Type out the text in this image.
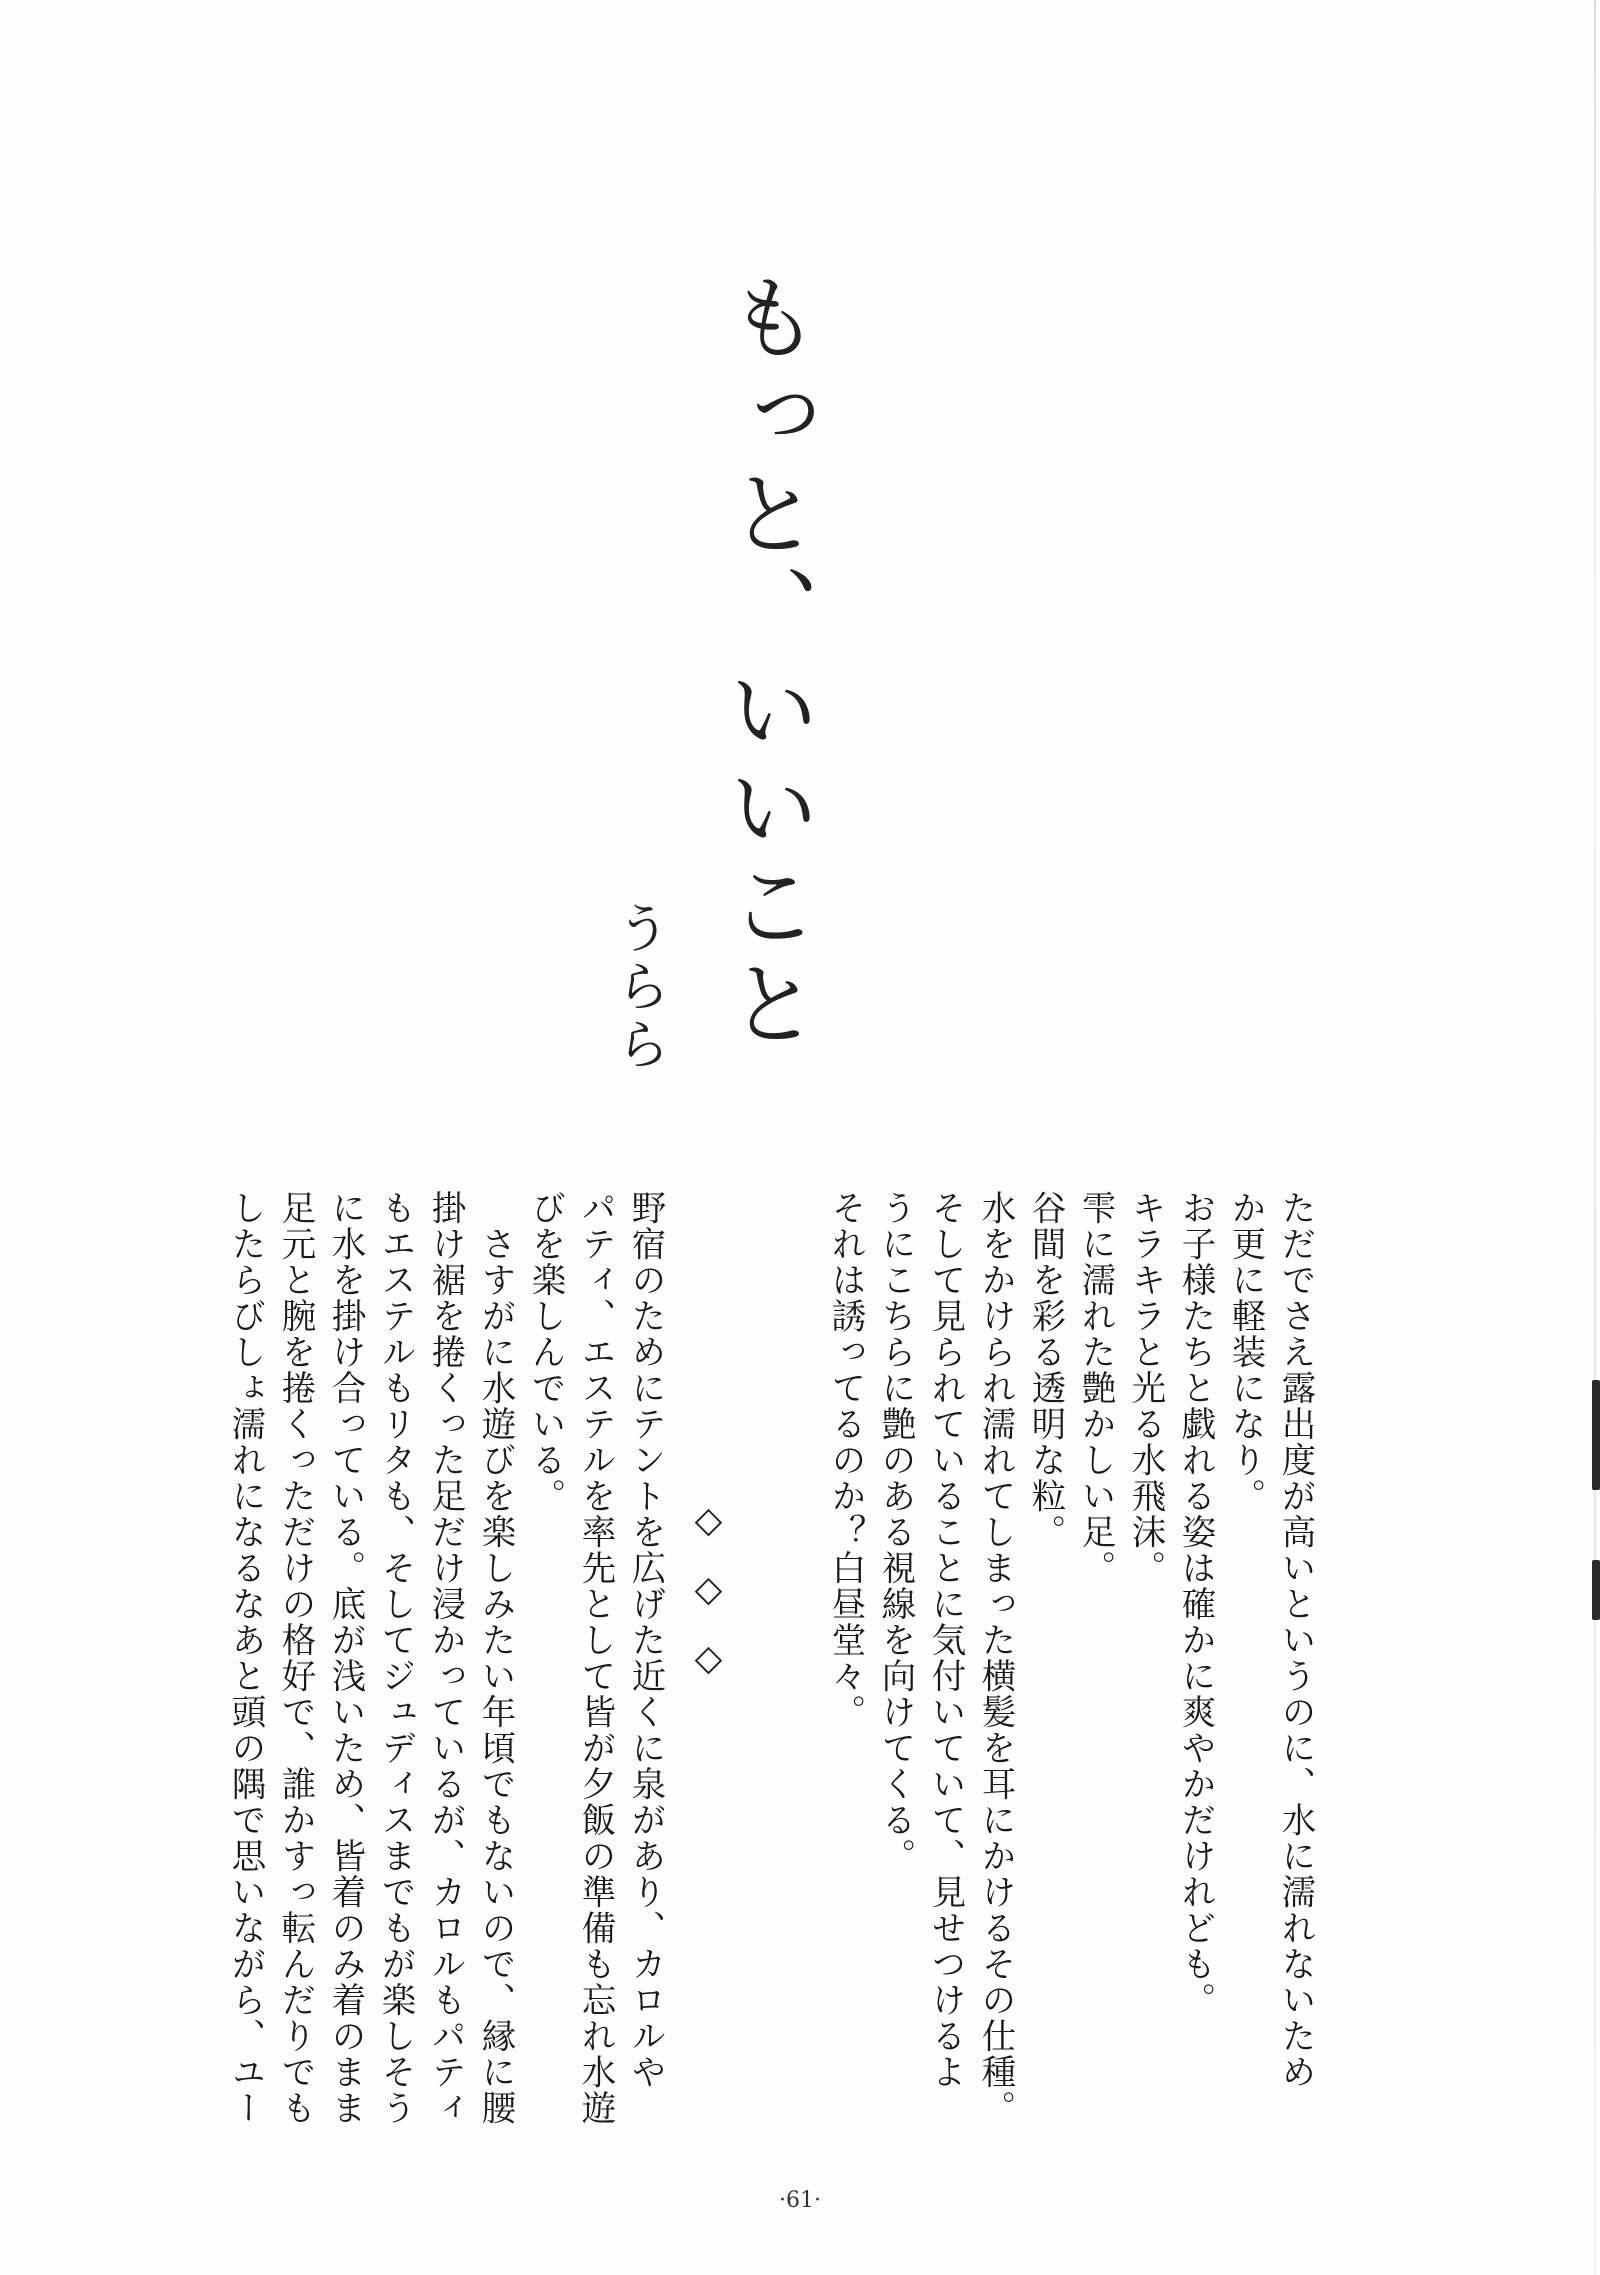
もっと、いいこと
うらら

ただでさえ露出度が高いというのに、水に濡れないため

か更に軽装になり。

お子様たちと戯れる姿は確かに爽やかだけれども。

キラキラと光る水飛沫。

雫に濡れた艶かしい足。

谷間を彩る透明な粒。

水をかけられ濡れてしまった横髪を耳にかけるその仕種。

そして見られていることに気付いていて、見せつけるよ

うにこちらに艶のある視線を向けてくる。

それは誘ってるのか？白昼堂々。

◇◇◇

野宿のためにテントを広げた近くに泉があり、カロルや

パティ、エステルを率先として皆が夕飯の準備も忘れ水遊

びを楽しんでいる。

　さすがに水遊びを楽しみたい年頃でもないので、縁に腰

掛け裾を捲くった足だけ浸かっているが、カロルもパティ

もエステルもリタも、そしてジュディスまでもが楽しそう

に水を掛け合っている。底が浅いため、皆着のみ着のまま

足元と腕を捲くっただけの格好で、誰かすっ転んだりでも

したらびしょ濡れになるなあと頭の隅で思いながら、ユー

·61·
